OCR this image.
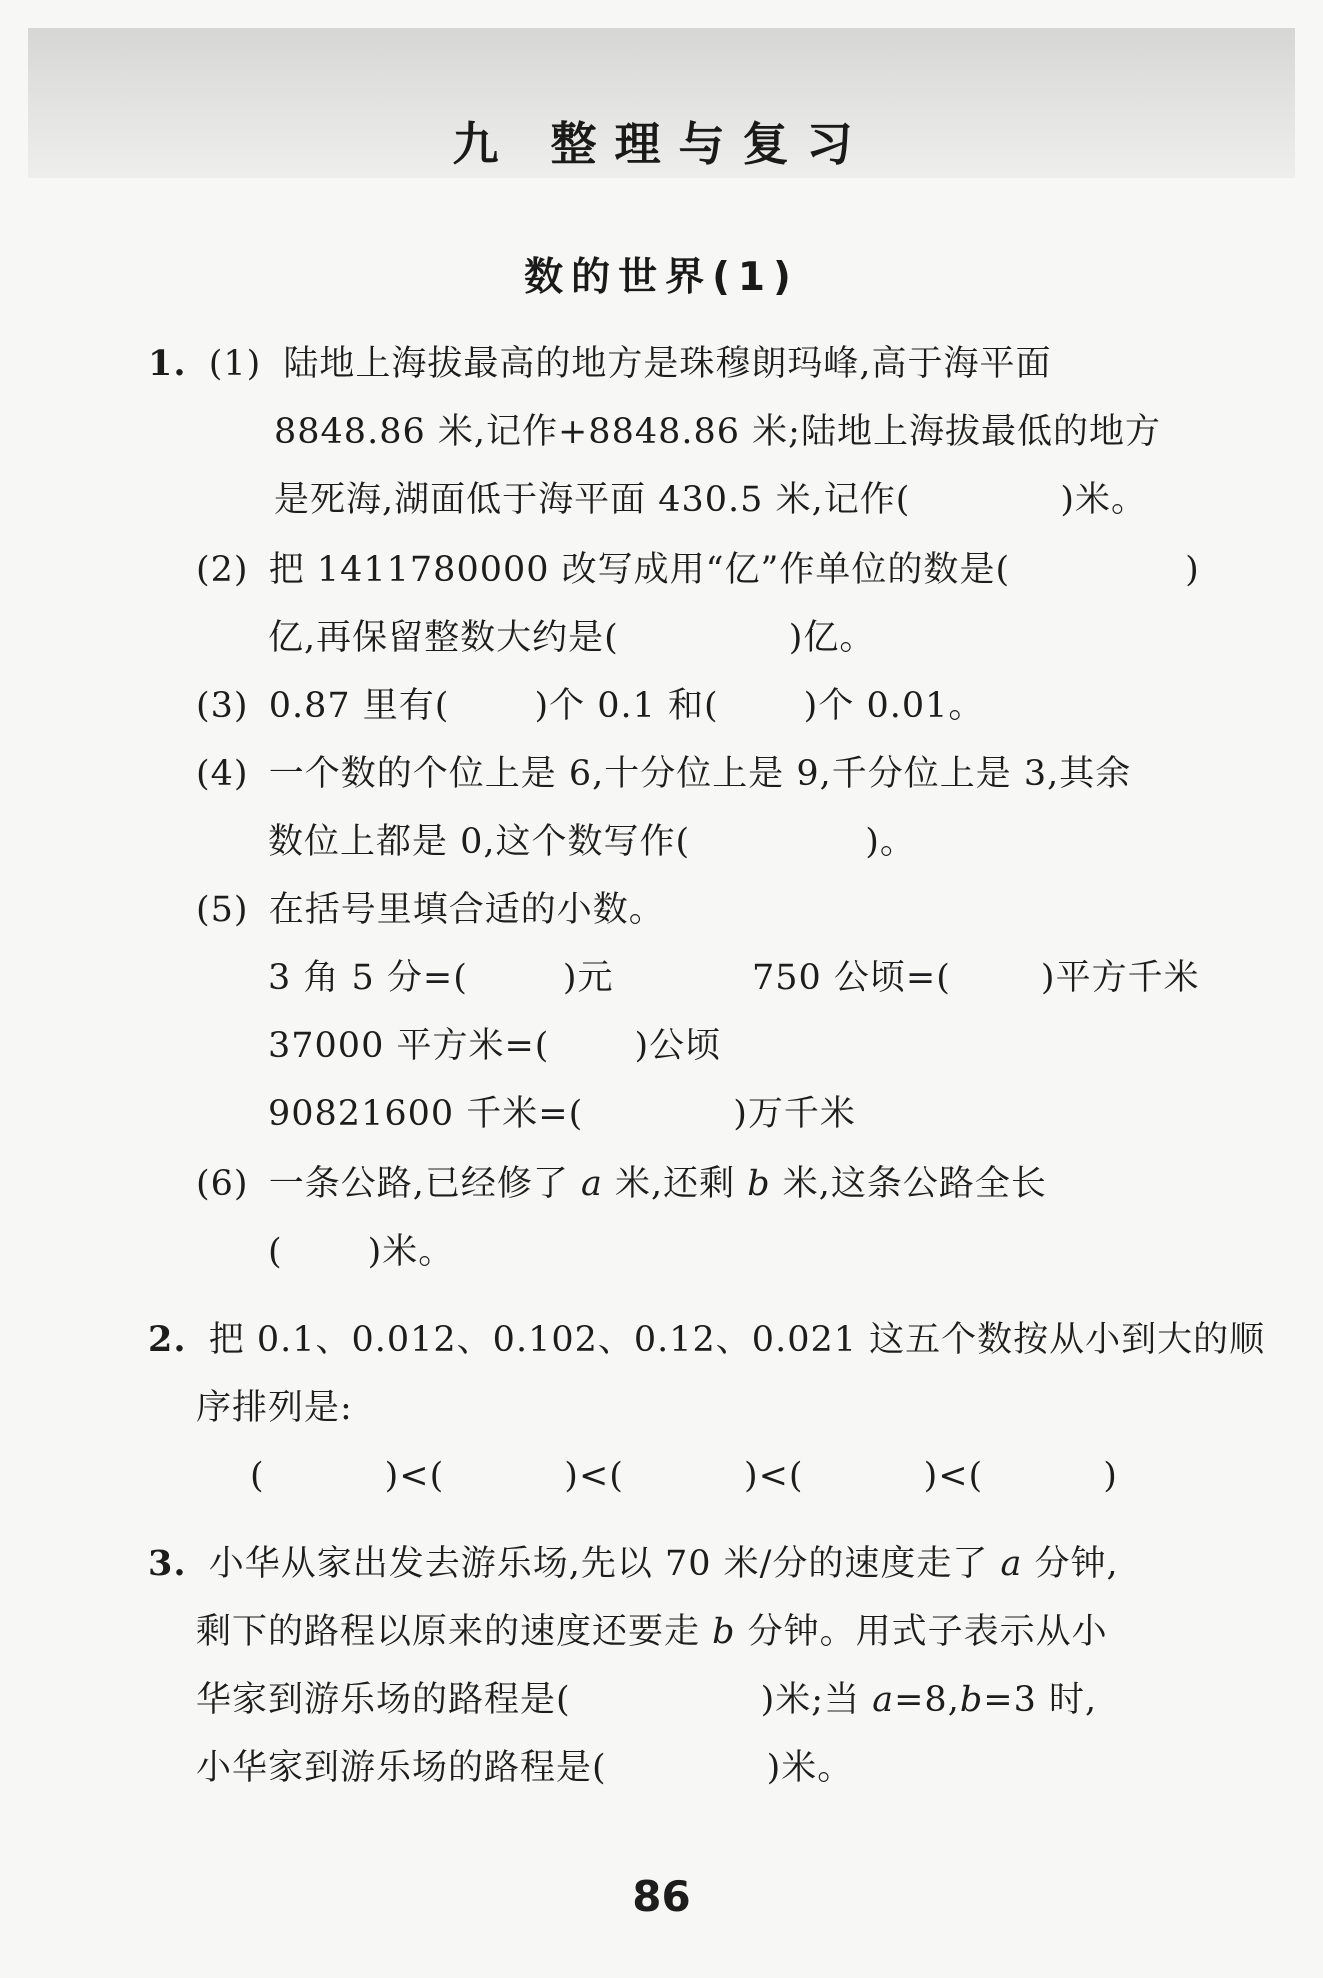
九 整理与复习
数的世界(1)
1. (1) 陆地上海拔最高的地方是珠穆朗玛峰,高于海平面
8848.86 米,记作+8848.86 米;陆地上海拔最低的地方
是死海,湖面低于海平面 430.5 米,记作(	)米。
(2) 把 1411780000 改写成用“亿”作单位的数是(	)
亿,再保留整数大约是(	)亿。
(3) 0.87 里有( )个 0.1 和( )个 0.01。
(4) 一个数的个位上是 6,十分位上是 9,千分位上是 3,其余
数位上都是 0,这个数写作(	)。
(5) 在括号里填合适的小数。
3 角 5 分=(	)元	750 公顷=(	)平方千米
37000 平方米=( )公顷
90821600 千米=(	)万千米
(6) 一条公路,已经修了 a 米,还剩 b 米,这条公路全长
( )米。
2. 把 0.1、0.012、0.102、0.12、0.021 这五个数按从小到大的顺
序排列是:
(	)<(	)<(	)<(	)<(	)
3. 小华从家出发去游乐场,先以 70 米/分的速度走了 a 分钟,
剩下的路程以原来的速度还要走 b 分钟。用式子表示从小
华家到游乐场的路程是(	)米;当 a=8,b=3 时,
小华家到游乐场的路程是(	)米。
86
